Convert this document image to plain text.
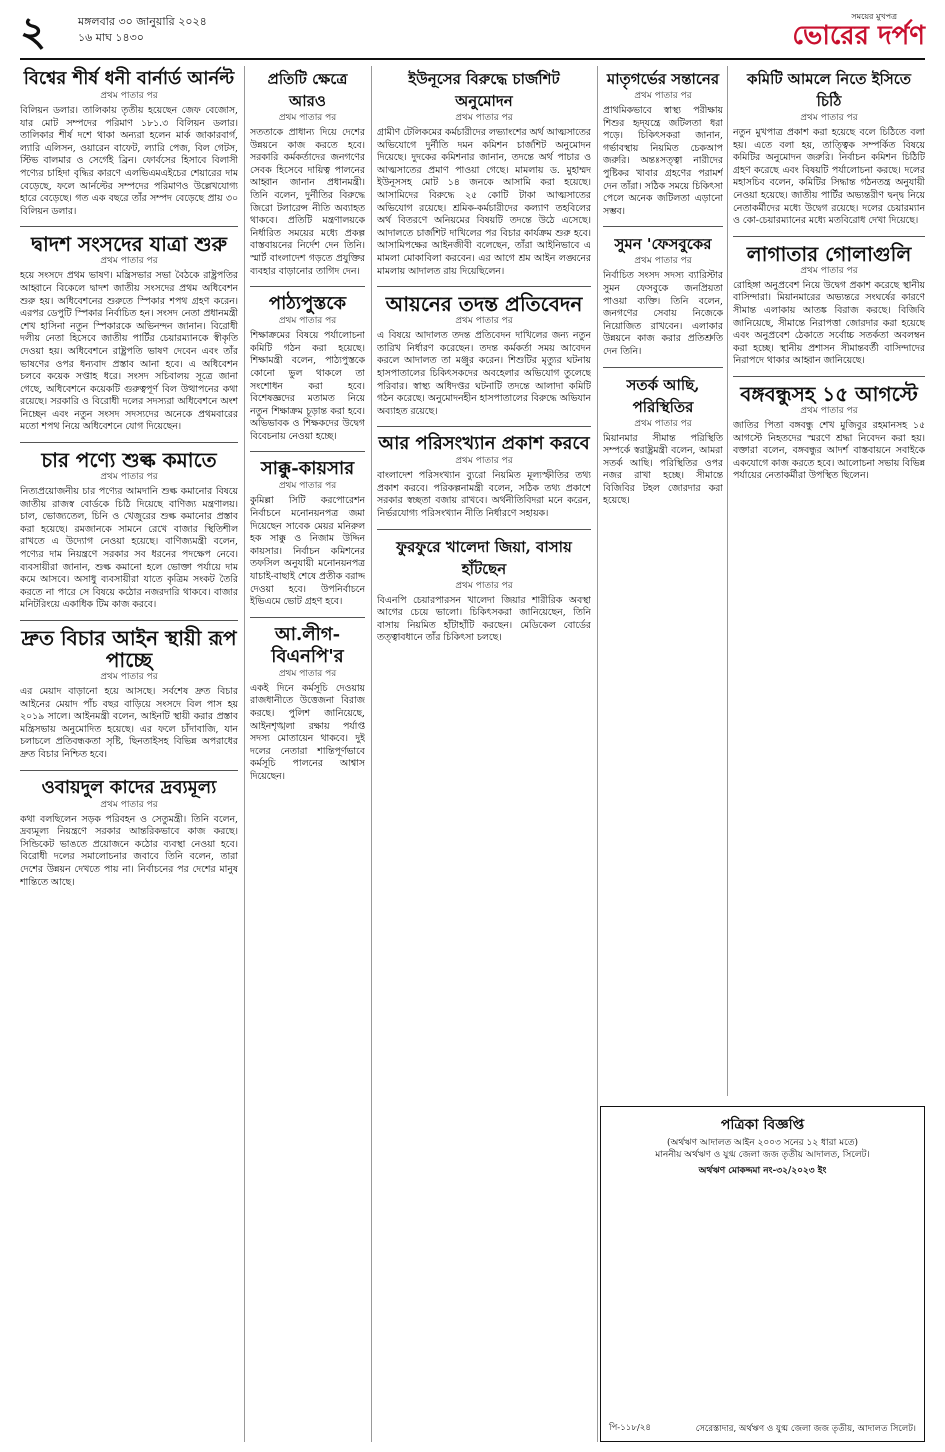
২	মঙ্গলবার ৩০ জানুয়ারি ২০২৪
১৬ মাঘ ১৪৩০
সময়ের মুখপত্র
ভোরের দর্পণ
বিশ্বের শীর্ষ ধনী বার্নার্ড আর্নল্ট
প্রথম পাতার পর
বিলিয়ন ডলার। তালিকায় তৃতীয় হয়েছেন জেফ বেজোস, যার মোট সম্পদের পরিমাণ ১৮১.৩ বিলিয়ন ডলার। তালিকার শীর্ষ দশে থাকা অন্যরা হলেন মার্ক জাকারবার্গ, ল্যারি এলিসন, ওয়ারেন বাফেট, ল্যারি পেজ, বিল গেটস, স্টিভ বালমার ও সের্গেই ব্রিন। ফোর্বসের হিসাবে বিলাসী পণ্যের চাহিদা বৃদ্ধির কারণে এলভিএমএইচের শেয়ারের দাম বেড়েছে, ফলে আর্নল্টের সম্পদের পরিমাণও উল্লেখযোগ্য হারে বেড়েছে। গত এক বছরে তাঁর সম্পদ বেড়েছে প্রায় ৩০ বিলিয়ন ডলার।
দ্বাদশ সংসদের যাত্রা শুরু
প্রথম পাতার পর
হয়ে সংসদে প্রথম ভাষণ। মন্ত্রিসভার সভা বৈঠকে রাষ্ট্রপতির আহ্বানে বিকেলে দ্বাদশ জাতীয় সংসদের প্রথম অধিবেশন শুরু হয়। অধিবেশনের শুরুতে স্পিকার শপথ গ্রহণ করেন। এরপর ডেপুটি স্পিকার নির্বাচিত হন। সংসদ নেতা প্রধানমন্ত্রী শেখ হাসিনা নতুন স্পিকারকে অভিনন্দন জানান। বিরোধী দলীয় নেতা হিসেবে জাতীয় পার্টির চেয়ারম্যানকে স্বীকৃতি দেওয়া হয়। অধিবেশনে রাষ্ট্রপতি ভাষণ দেবেন এবং তাঁর ভাষণের ওপর ধন্যবাদ প্রস্তাব আনা হবে। এ অধিবেশন চলবে কয়েক সপ্তাহ ধরে। সংসদ সচিবালয় সূত্রে জানা গেছে, অধিবেশনে কয়েকটি গুরুত্বপূর্ণ বিল উত্থাপনের কথা রয়েছে। সরকারি ও বিরোধী দলের সদস্যরা অধিবেশনে অংশ নিচ্ছেন এবং নতুন সংসদ সদস্যদের অনেকে প্রথমবারের মতো শপথ নিয়ে অধিবেশনে যোগ দিয়েছেন।
চার পণ্যে শুল্ক কমাতে
প্রথম পাতার পর
নিত্যপ্রয়োজনীয় চার পণ্যের আমদানি শুল্ক কমানোর বিষয়ে জাতীয় রাজস্ব বোর্ডকে চিঠি দিয়েছে বাণিজ্য মন্ত্রণালয়। চাল, ভোজ্যতেল, চিনি ও খেজুরের শুল্ক কমানোর প্রস্তাব করা হয়েছে। রমজানকে সামনে রেখে বাজার স্থিতিশীল রাখতে এ উদ্যোগ নেওয়া হয়েছে। বাণিজ্যমন্ত্রী বলেন, পণ্যের দাম নিয়ন্ত্রণে সরকার সব ধরনের পদক্ষেপ নেবে। ব্যবসায়ীরা জানান, শুল্ক কমানো হলে ভোক্তা পর্যায়ে দাম কমে আসবে। অসাধু ব্যবসায়ীরা যাতে কৃত্রিম সংকট তৈরি করতে না পারে সে বিষয়ে কঠোর নজরদারি থাকবে। বাজার মনিটরিংয়ে একাধিক টিম কাজ করবে।
দ্রুত বিচার আইন স্থায়ী রূপ পাচ্ছে
প্রথম পাতার পর
এর মেয়াদ বাড়ানো হয়ে আসছে। সর্বশেষ দ্রুত বিচার আইনের মেয়াদ পাঁচ বছর বাড়িয়ে সংসদে বিল পাস হয় ২০১৯ সালে। আইনমন্ত্রী বলেন, আইনটি স্থায়ী করার প্রস্তাব মন্ত্রিসভায় অনুমোদিত হয়েছে। এর ফলে চাঁদাবাজি, যান চলাচলে প্রতিবন্ধকতা সৃষ্টি, ছিনতাইসহ বিভিন্ন অপরাধের দ্রুত বিচার নিশ্চিত হবে।
ওবায়দুল কাদের দ্রব্যমূল্য
প্রথম পাতার পর
কথা বলছিলেন সড়ক পরিবহন ও সেতুমন্ত্রী। তিনি বলেন, দ্রব্যমূল্য নিয়ন্ত্রণে সরকার আন্তরিকভাবে কাজ করছে। সিন্ডিকেট ভাঙতে প্রয়োজনে কঠোর ব্যবস্থা নেওয়া হবে। বিরোধী দলের সমালোচনার জবাবে তিনি বলেন, তারা দেশের উন্নয়ন দেখতে পায় না। নির্বাচনের পর দেশের মানুষ শান্তিতে আছে।
প্রতিটি ক্ষেত্রে আরও
প্রথম পাতার পর
সততাকে প্রাধান্য দিয়ে দেশের উন্নয়নে কাজ করতে হবে। সরকারি কর্মকর্তাদের জনগণের সেবক হিসেবে দায়িত্ব পালনের আহ্বান জানান প্রধানমন্ত্রী। তিনি বলেন, দুর্নীতির বিরুদ্ধে জিরো টলারেন্স নীতি অব্যাহত থাকবে। প্রতিটি মন্ত্রণালয়কে নির্ধারিত সময়ের মধ্যে প্রকল্প বাস্তবায়নের নির্দেশ দেন তিনি। স্মার্ট বাংলাদেশ গড়তে প্রযুক্তির ব্যবহার বাড়ানোর তাগিদ দেন।
পাঠ্যপুস্তকে
প্রথম পাতার পর
শিক্ষাক্রমের বিষয়ে পর্যালোচনা কমিটি গঠন করা হয়েছে। শিক্ষামন্ত্রী বলেন, পাঠ্যপুস্তকে কোনো ভুল থাকলে তা সংশোধন করা হবে। বিশেষজ্ঞদের মতামত নিয়ে নতুন শিক্ষাক্রম চূড়ান্ত করা হবে। অভিভাবক ও শিক্ষকদের উদ্বেগ বিবেচনায় নেওয়া হচ্ছে।
সাক্কু-কায়সার
প্রথম পাতার পর
কুমিল্লা সিটি করপোরেশন নির্বাচনে মনোনয়নপত্র জমা দিয়েছেন সাবেক মেয়র মনিরুল হক সাক্কু ও নিজাম উদ্দিন কায়সার। নির্বাচন কমিশনের তফসিল অনুযায়ী মনোনয়নপত্র যাচাই-বাছাই শেষে প্রতীক বরাদ্দ দেওয়া হবে। উপনির্বাচনে ইভিএমে ভোট গ্রহণ হবে।
আ.লীগ-বিএনপি'র
প্রথম পাতার পর
একই দিনে কর্মসূচি দেওয়ায় রাজধানীতে উত্তেজনা বিরাজ করছে। পুলিশ জানিয়েছে, আইনশৃঙ্খলা রক্ষায় পর্যাপ্ত সদস্য মোতায়েন থাকবে। দুই দলের নেতারা শান্তিপূর্ণভাবে কর্মসূচি পালনের আশ্বাস দিয়েছেন।
ইউনূসের বিরুদ্ধে চার্জশিট অনুমোদন
প্রথম পাতার পর
গ্রামীণ টেলিকমের কর্মচারীদের লভ্যাংশের অর্থ আত্মসাতের অভিযোগে দুর্নীতি দমন কমিশন চার্জশিট অনুমোদন দিয়েছে। দুদকের কমিশনার জানান, তদন্তে অর্থ পাচার ও আত্মসাতের প্রমাণ পাওয়া গেছে। মামলায় ড. মুহাম্মদ ইউনূসসহ মোট ১৪ জনকে আসামি করা হয়েছে। আসামিদের বিরুদ্ধে ২৫ কোটি টাকা আত্মসাতের অভিযোগ রয়েছে। শ্রমিক-কর্মচারীদের কল্যাণ তহবিলের অর্থ বিতরণে অনিয়মের বিষয়টি তদন্তে উঠে এসেছে। আদালতে চার্জশিট দাখিলের পর বিচার কার্যক্রম শুরু হবে। আসামিপক্ষের আইনজীবী বলেছেন, তাঁরা আইনিভাবে এ মামলা মোকাবিলা করবেন। এর আগে শ্রম আইন লঙ্ঘনের মামলায় আদালত রায় দিয়েছিলেন।
আয়নের তদন্ত প্রতিবেদন
প্রথম পাতার পর
এ বিষয়ে আদালত তদন্ত প্রতিবেদন দাখিলের জন্য নতুন তারিখ নির্ধারণ করেছেন। তদন্ত কর্মকর্তা সময় আবেদন করলে আদালত তা মঞ্জুর করেন। শিশুটির মৃত্যুর ঘটনায় হাসপাতালের চিকিৎসকদের অবহেলার অভিযোগ তুলেছে পরিবার। স্বাস্থ্য অধিদপ্তর ঘটনাটি তদন্তে আলাদা কমিটি গঠন করেছে। অনুমোদনহীন হাসপাতালের বিরুদ্ধে অভিযান অব্যাহত রয়েছে।
আর পরিসংখ্যান প্রকাশ করবে
প্রথম পাতার পর
বাংলাদেশ পরিসংখ্যান ব্যুরো নিয়মিত মূল্যস্ফীতির তথ্য প্রকাশ করবে। পরিকল্পনামন্ত্রী বলেন, সঠিক তথ্য প্রকাশে সরকার স্বচ্ছতা বজায় রাখবে। অর্থনীতিবিদরা মনে করেন, নির্ভরযোগ্য পরিসংখ্যান নীতি নির্ধারণে সহায়ক।
ফুরফুরে খালেদা জিয়া, বাসায় হাঁটছেন
প্রথম পাতার পর
বিএনপি চেয়ারপারসন খালেদা জিয়ার শারীরিক অবস্থা আগের চেয়ে ভালো। চিকিৎসকরা জানিয়েছেন, তিনি বাসায় নিয়মিত হাঁটাহাঁটি করছেন। মেডিকেল বোর্ডের তত্ত্বাবধানে তাঁর চিকিৎসা চলছে।
মাতৃগর্ভের সন্তানের
প্রথম পাতার পর
প্রাথমিকভাবে স্বাস্থ্য পরীক্ষায় শিশুর হৃদ্‌যন্ত্রে জটিলতা ধরা পড়ে। চিকিৎসকরা জানান, গর্ভাবস্থায় নিয়মিত চেকআপ জরুরি। অন্তঃসত্ত্বা নারীদের পুষ্টিকর খাবার গ্রহণের পরামর্শ দেন তাঁরা। সঠিক সময়ে চিকিৎসা পেলে অনেক জটিলতা এড়ানো সম্ভব।
সুমন 'ফেসবুকের
প্রথম পাতার পর
নির্বাচিত সংসদ সদস্য ব্যারিস্টার সুমন ফেসবুকে জনপ্রিয়তা পাওয়া ব্যক্তি। তিনি বলেন, জনগণের সেবায় নিজেকে নিয়োজিত রাখবেন। এলাকার উন্নয়নে কাজ করার প্রতিশ্রুতি দেন তিনি।
সতর্ক আছি, পরিস্থিতির
প্রথম পাতার পর
মিয়ানমার সীমান্ত পরিস্থিতি সম্পর্কে স্বরাষ্ট্রমন্ত্রী বলেন, আমরা সতর্ক আছি। পরিস্থিতির ওপর নজর রাখা হচ্ছে। সীমান্তে বিজিবির টহল জোরদার করা হয়েছে।
কমিটি আমলে নিতে ইসিতে চিঠি
প্রথম পাতার পর
নতুন মুখপাত্র প্রকাশ করা হয়েছে বলে চিঠিতে বলা হয়। এতে বলা হয়, তাত্ত্বিক সম্পর্কিত বিষয়ে কমিটির অনুমোদন জরুরি। নির্বাচন কমিশন চিঠিটি গ্রহণ করেছে এবং বিষয়টি পর্যালোচনা করছে। দলের মহাসচিব বলেন, কমিটির সিদ্ধান্ত গঠনতন্ত্র অনুযায়ী নেওয়া হয়েছে। জাতীয় পার্টির অভ্যন্তরীণ দ্বন্দ্ব নিয়ে নেতাকর্মীদের মধ্যে উদ্বেগ রয়েছে। দলের চেয়ারম্যান ও কো-চেয়ারম্যানের মধ্যে মতবিরোধ দেখা দিয়েছে।
লাগাতার গোলাগুলি
প্রথম পাতার পর
রোহিঙ্গা অনুপ্রবেশ নিয়ে উদ্বেগ প্রকাশ করেছে স্থানীয় বাসিন্দারা। মিয়ানমারের অভ্যন্তরে সংঘর্ষের কারণে সীমান্ত এলাকায় আতঙ্ক বিরাজ করছে। বিজিবি জানিয়েছে, সীমান্তে নিরাপত্তা জোরদার করা হয়েছে এবং অনুপ্রবেশ ঠেকাতে সর্বোচ্চ সতর্কতা অবলম্বন করা হচ্ছে। স্থানীয় প্রশাসন সীমান্তবর্তী বাসিন্দাদের নিরাপদে থাকার আহ্বান জানিয়েছে।
বঙ্গবন্ধুসহ ১৫ আগস্টে
প্রথম পাতার পর
জাতির পিতা বঙ্গবন্ধু শেখ মুজিবুর রহমানসহ ১৫ আগস্টে নিহতদের স্মরণে শ্রদ্ধা নিবেদন করা হয়। বক্তারা বলেন, বঙ্গবন্ধুর আদর্শ বাস্তবায়নে সবাইকে একযোগে কাজ করতে হবে। আলোচনা সভায় বিভিন্ন পর্যায়ের নেতাকর্মীরা উপস্থিত ছিলেন।
পত্রিকা বিজ্ঞপ্তি
(অর্থঋণ আদালত আইন ২০০৩ সনের ১২ ধারা মতে)
মাননীয় অর্থঋণ ও যুগ্ম জেলা জজ তৃতীয় আদালত, সিলেট।
অর্থঋণ মোকদ্দমা নং-৩২/২০২৩ ইং
পি-১১৮/২৪	সেরেস্তাদার, অর্থঋণ ও যুগ্ম জেলা জজ তৃতীয়, আদালত সিলেট।
